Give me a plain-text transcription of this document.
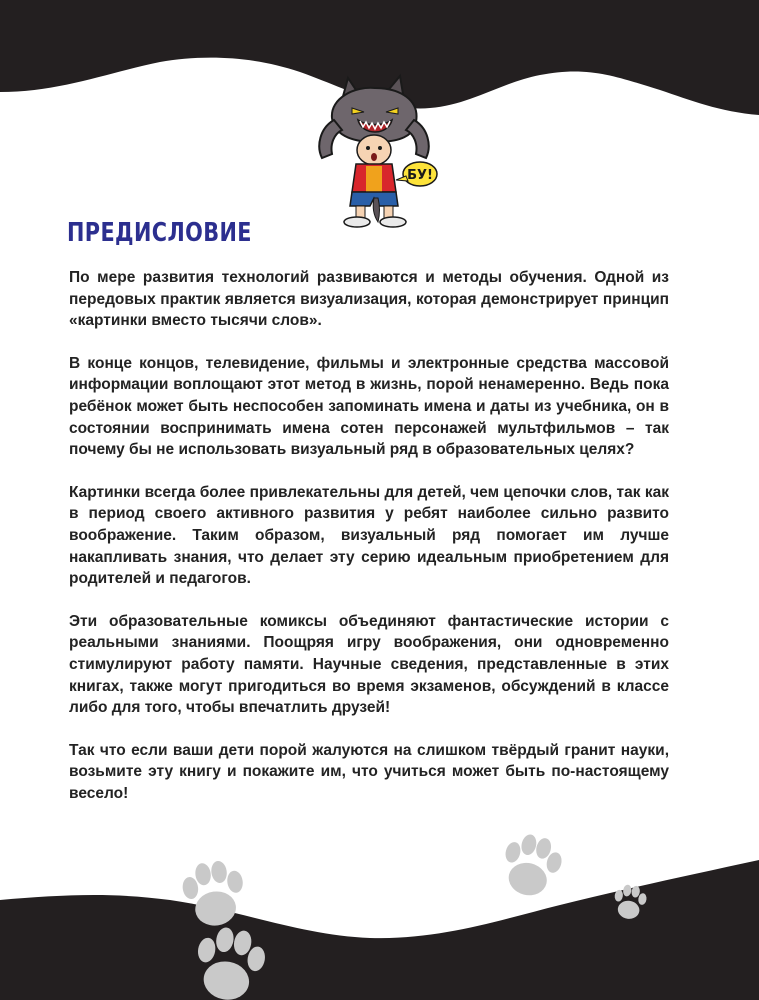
БУ!
ПРЕДИСЛОВИЕ

По мере развития технологий развиваются и методы обучения. Одной из передовых практик является визуализация, которая демонстрирует принцип «картинки вместо тысячи слов».

В конце концов, телевидение, фильмы и электронные средства массовой информации воплощают этот метод в жизнь, порой ненамеренно. Ведь пока ребёнок может быть неспособен запоминать имена и даты из учебника, он в состоянии воспринимать имена сотен персонажей мультфильмов – так почему бы не использовать визуальный ряд в образовательных целях?

Картинки всегда более привлекательны для детей, чем цепочки слов, так как в период своего активного развития у ребят наиболее сильно развито воображение. Таким образом, визуальный ряд помогает им лучше накапливать знания, что делает эту серию идеальным приобретением для родителей и педагогов.

Эти образовательные комиксы объединяют фантастические истории с реальными знаниями. Поощряя игру воображения, они одновременно стимулируют работу памяти. Научные сведения, представленные в этих книгах, также могут пригодиться во время экзаменов, обсуждений в классе либо для того, чтобы впечатлить друзей!

Так что если ваши дети порой жалуются на слишком твёрдый гранит науки, возьмите эту книгу и покажите им, что учиться может быть по-настоящему весело!
